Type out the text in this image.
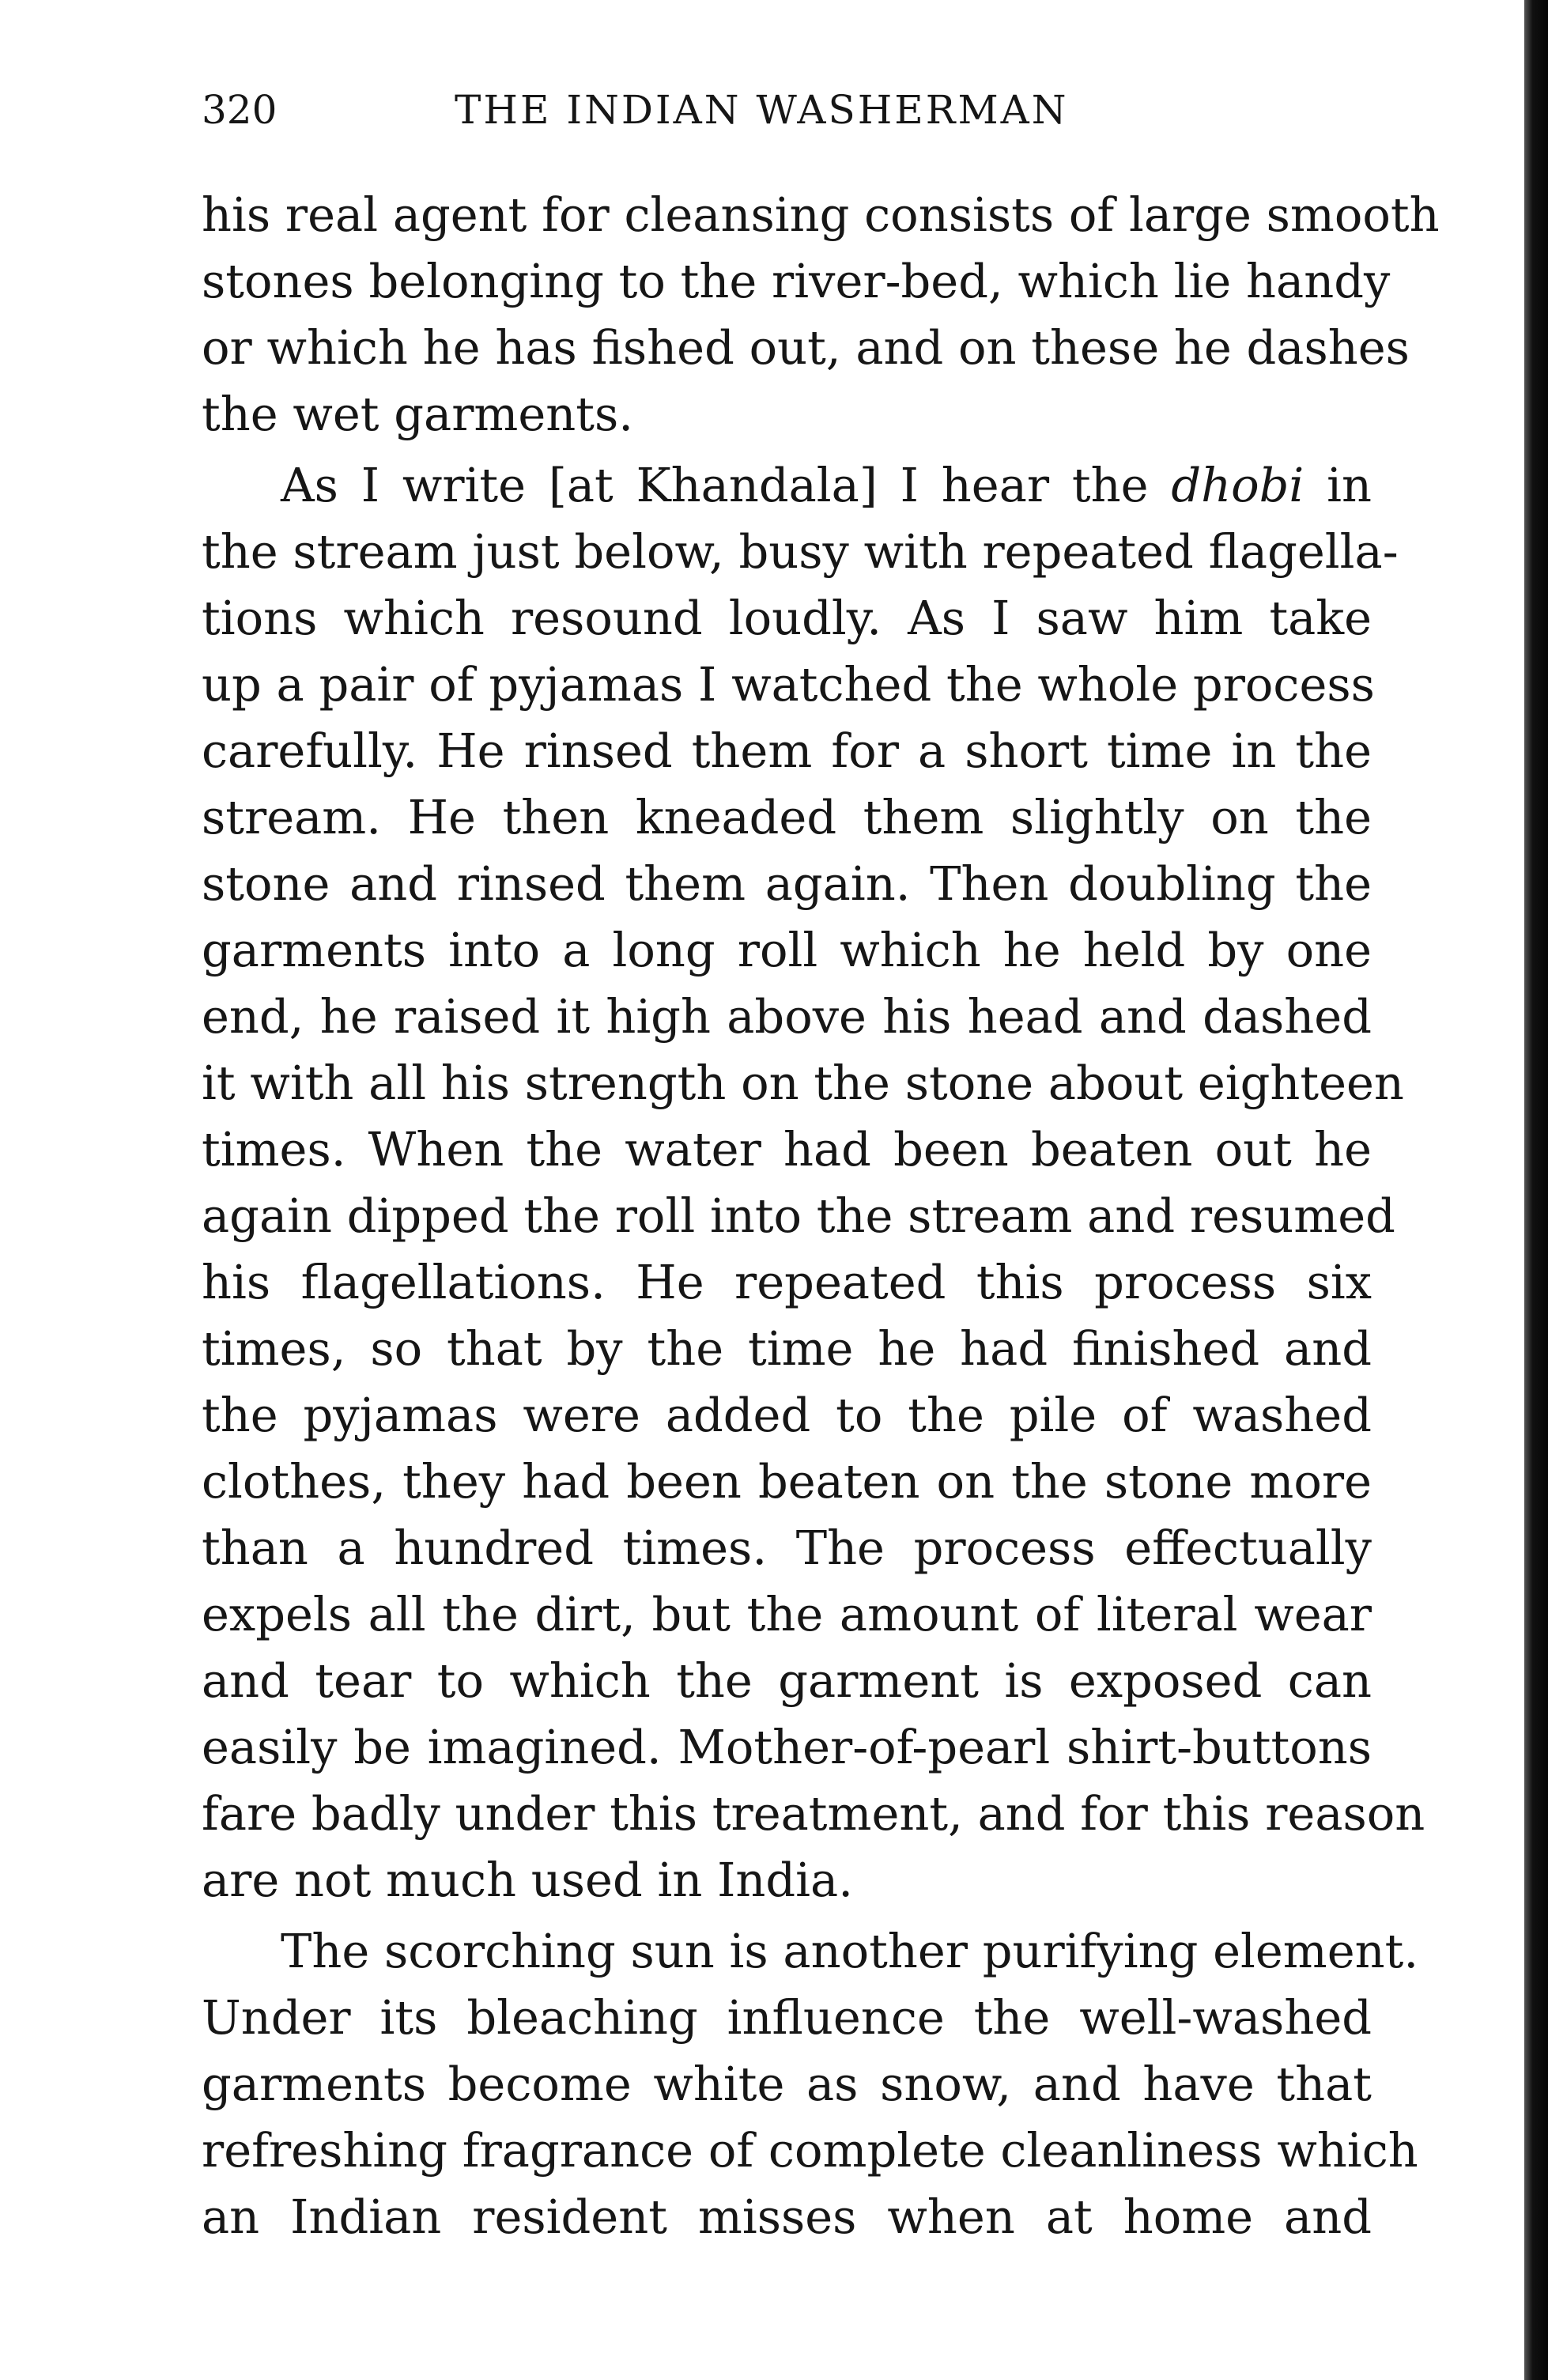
320	THE INDIAN WASHERMAN
his real agent for cleansing consists of large smooth
stones belonging to the river-bed, which lie handy
or which he has fished out, and on these he dashes
the wet garments.
As I write [at Khandala] I hear the dhobi in
the stream just below, busy with repeated flagella-
tions which resound loudly. As I saw him take
up a pair of pyjamas I watched the whole process
carefully. He rinsed them for a short time in the
stream. He then kneaded them slightly on the
stone and rinsed them again. Then doubling the
garments into a long roll which he held by one
end, he raised it high above his head and dashed
it with all his strength on the stone about eighteen
times. When the water had been beaten out he
again dipped the roll into the stream and resumed
his flagellations. He repeated this process six
times, so that by the time he had finished and
the pyjamas were added to the pile of washed
clothes, they had been beaten on the stone more
than a hundred times. The process effectually
expels all the dirt, but the amount of literal wear
and tear to which the garment is exposed can
easily be imagined. Mother-of-pearl shirt-buttons
fare badly under this treatment, and for this reason
are not much used in India.
The scorching sun is another purifying element.
Under its bleaching influence the well-washed
garments become white as snow, and have that
refreshing fragrance of complete cleanliness which
an Indian resident misses when at home and
